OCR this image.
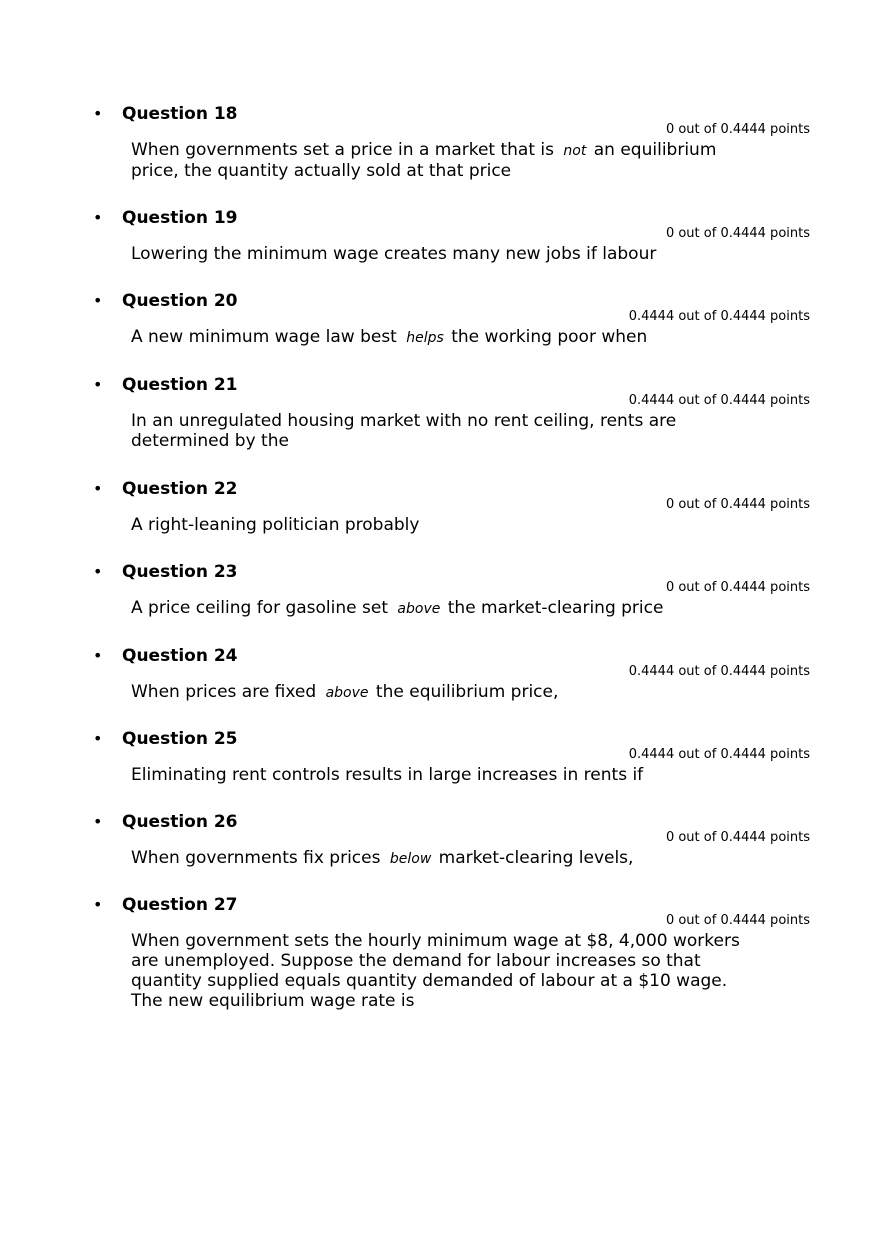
• Question 18
0 out of 0.4444 points

When governments set a price in a market that is not an equilibrium price, the quantity actually sold at that price

• Question 19
0 out of 0.4444 points

Lowering the minimum wage creates many new jobs if labour

• Question 20
0.4444 out of 0.4444 points

A new minimum wage law best helps the working poor when

• Question 21
0.4444 out of 0.4444 points

In an unregulated housing market with no rent ceiling, rents are determined by the

• Question 22
0 out of 0.4444 points

A right-leaning politician probably

• Question 23
0 out of 0.4444 points

A price ceiling for gasoline set above the market-clearing price

• Question 24
0.4444 out of 0.4444 points

When prices are fixed above the equilibrium price,

• Question 25
0.4444 out of 0.4444 points

Eliminating rent controls results in large increases in rents if

• Question 26
0 out of 0.4444 points

When governments fix prices below market-clearing levels,

• Question 27
0 out of 0.4444 points

When government sets the hourly minimum wage at $8, 4,000 workers are unemployed. Suppose the demand for labour increases so that quantity supplied equals quantity demanded of labour at a $10 wage. The new equilibrium wage rate is
